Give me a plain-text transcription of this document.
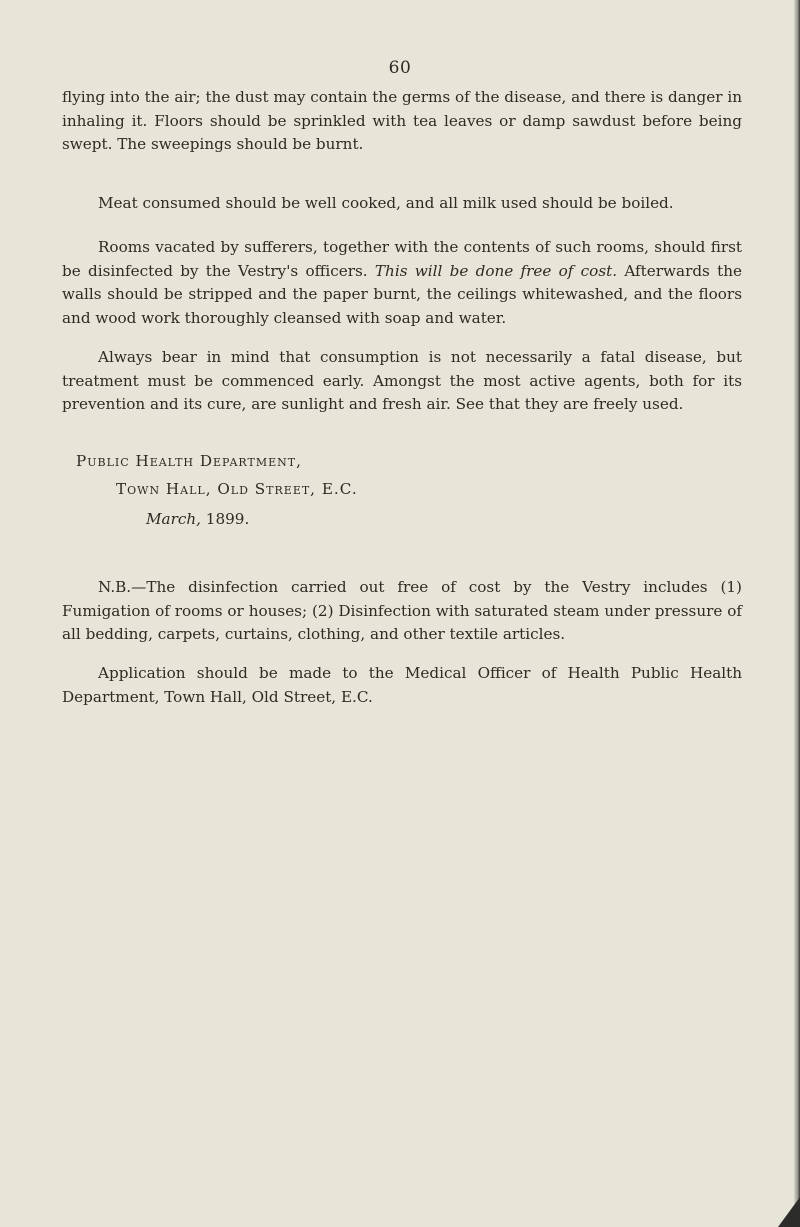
60

flying into the air; the dust may contain the germs of the disease, and there is danger in inhaling it. Floors should be sprinkled with tea leaves or damp sawdust before being swept. The sweepings should be burnt.

Meat consumed should be well cooked, and all milk used should be boiled.

Rooms vacated by sufferers, together with the contents of such rooms, should first be disinfected by the Vestry's officers. This will be done free of cost. Afterwards the walls should be stripped and the paper burnt, the ceilings whitewashed, and the floors and wood work thoroughly cleansed with soap and water.

Always bear in mind that consumption is not necessarily a fatal disease, but treatment must be commenced early. Amongst the most active agents, both for its prevention and its cure, are sunlight and fresh air. See that they are freely used.

Public Health Department,
Town Hall, Old Street, E.C.
March, 1899.

N.B.—The disinfection carried out free of cost by the Vestry includes (1) Fumigation of rooms or houses; (2) Disinfection with saturated steam under pressure of all bedding, carpets, curtains, clothing, and other textile articles.

Application should be made to the Medical Officer of Health Public Health Department, Town Hall, Old Street, E.C.
